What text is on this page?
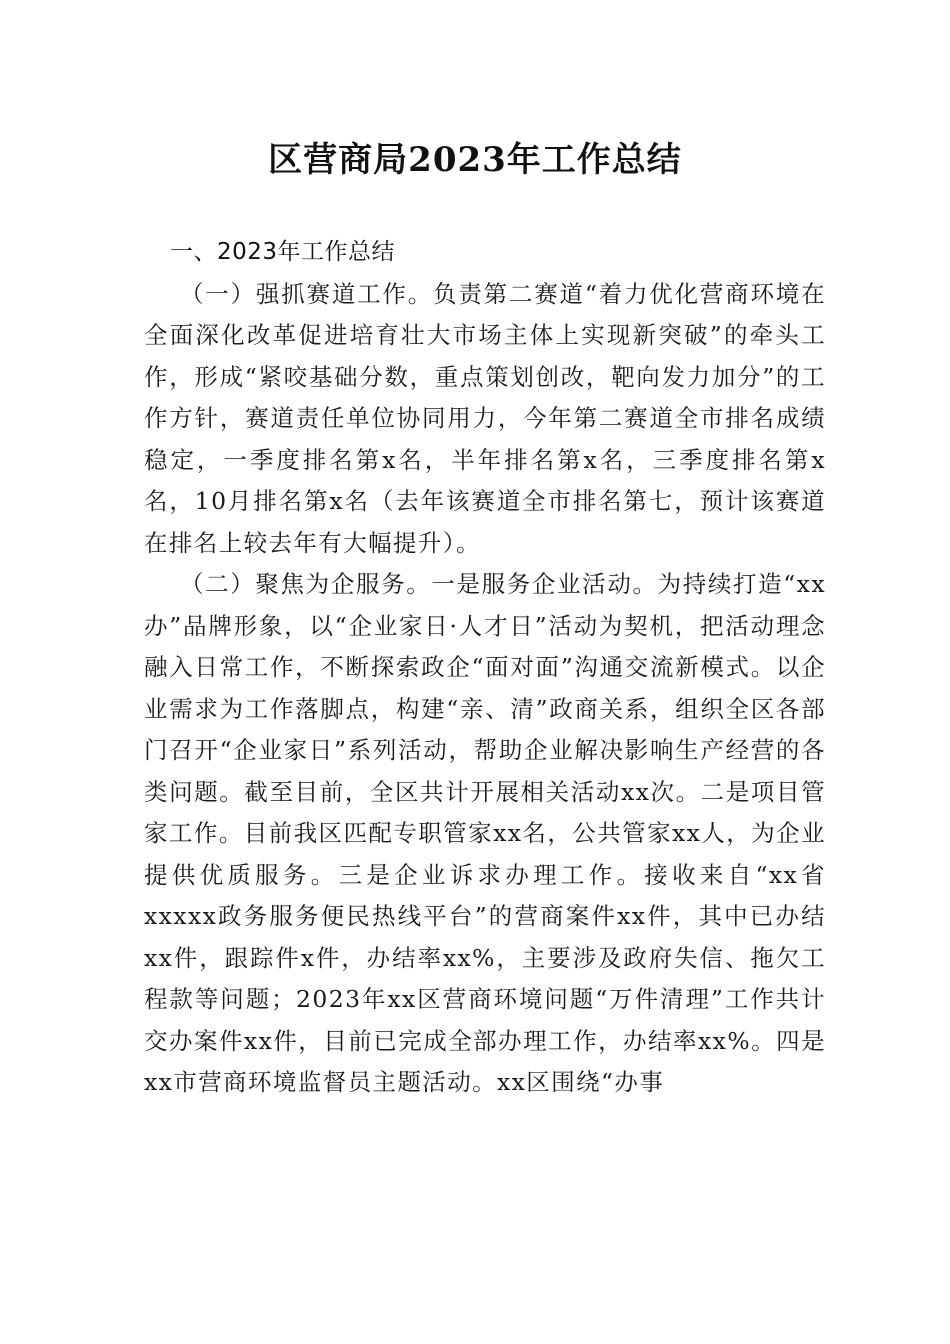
区营商局2023年工作总结

一、2023年工作总结

（一）强抓赛道工作。负责第二赛道“着力优化营商环境在全面深化改革促进培育壮大市场主体上实现新突破”的牵头工作，形成“紧咬基础分数，重点策划创改，靶向发力加分”的工作方针，赛道责任单位协同用力，今年第二赛道全市排名成绩稳定，一季度排名第x名，半年排名第x名，三季度排名第x名，10月排名第x名（去年该赛道全市排名第七，预计该赛道在排名上较去年有大幅提升）。

（二）聚焦为企服务。一是服务企业活动。为持续打造“xx办”品牌形象，以“企业家日·人才日”活动为契机，把活动理念融入日常工作，不断探索政企“面对面”沟通交流新模式。以企业需求为工作落脚点，构建“亲、清”政商关系，组织全区各部门召开“企业家日”系列活动，帮助企业解决影响生产经营的各类问题。截至目前，全区共计开展相关活动xx次。二是项目管家工作。目前我区匹配专职管家xx名，公共管家xx人，为企业提供优质服务。三是企业诉求办理工作。接收来自“xx省xxxxx政务服务便民热线平台”的营商案件xx件，其中已办结xx件，跟踪件x件，办结率xx%，主要涉及政府失信、拖欠工程款等问题；2023年xx区营商环境问题“万件清理”工作共计交办案件xx件，目前已完成全部办理工作，办结率xx%。四是xx市营商环境监督员主题活动。xx区围绕“办事
